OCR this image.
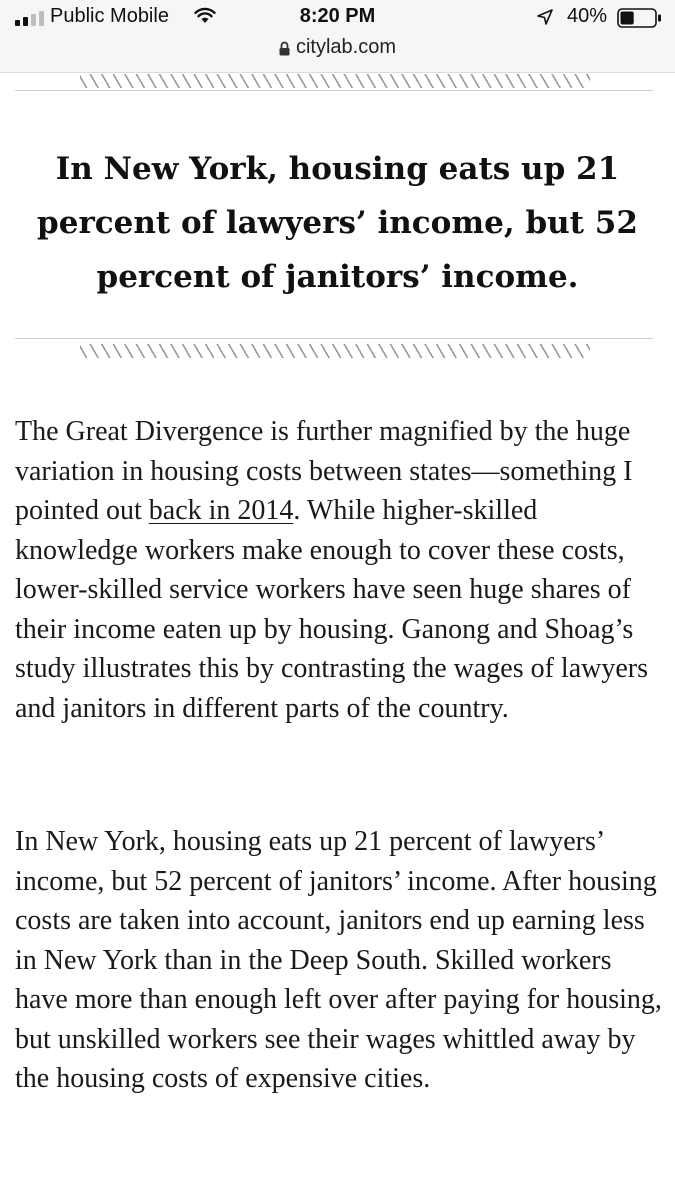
Public Mobile	8:20 PM
citylab.com
40%

In New York, housing eats up 21 percent of lawyers’ income, but 52 percent of janitors’ income.

The Great Divergence is further magnified by the huge variation in housing costs between states—something I pointed out back in 2014. While higher-skilled knowledge workers make enough to cover these costs, lower-skilled service workers have seen huge shares of their income eaten up by housing. Ganong and Shoag’s study illustrates this by contrasting the wages of lawyers and janitors in different parts of the country.
In New York, housing eats up 21 percent of lawyers’ income, but 52 percent of janitors’ income. After housing costs are taken into account, janitors end up earning less in New York than in the Deep South. Skilled workers have more than enough left over after paying for housing, but unskilled workers see their wages whittled away by the housing costs of expensive cities.
